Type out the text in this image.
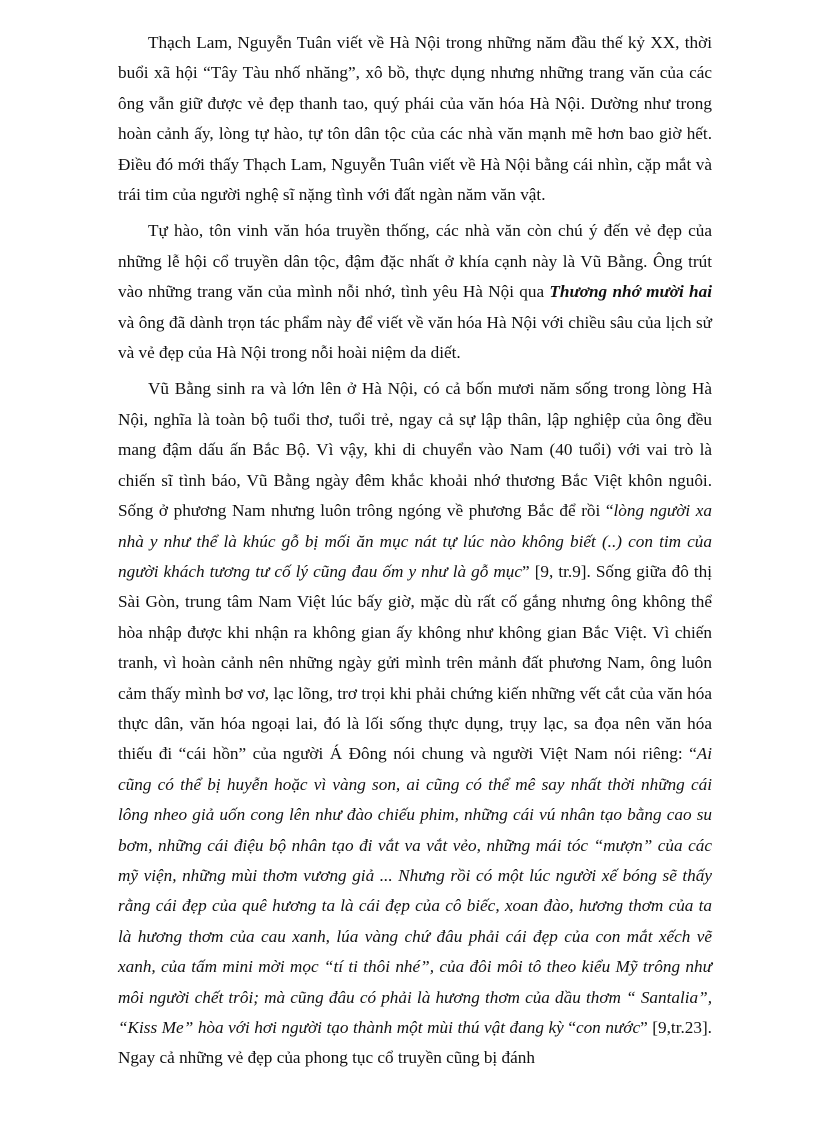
Thạch Lam, Nguyễn Tuân viết về Hà Nội trong những năm đầu thế kỷ XX, thời buổi xã hội “Tây Tàu nhố nhăng”, xô bồ, thực dụng nhưng những trang văn của các ông vẫn giữ được vẻ đẹp thanh tao, quý phái của văn hóa Hà Nội. Dường như trong hoàn cảnh ấy, lòng tự hào, tự tôn dân tộc của các nhà văn mạnh mẽ hơn bao giờ hết. Điều đó mới thấy Thạch Lam, Nguyễn Tuân viết về Hà Nội bằng cái nhìn, cặp mắt và trái tim của người nghệ sĩ nặng tình với đất ngàn năm văn vật.

Tự hào, tôn vinh văn hóa truyền thống, các nhà văn còn chú ý đến vẻ đẹp của những lễ hội cổ truyền dân tộc, đậm đặc nhất ở khía cạnh này là Vũ Bằng. Ông trút vào những trang văn của mình nỗi nhớ, tình yêu Hà Nội qua Thương nhớ mười hai và ông đã dành trọn tác phẩm này để viết về văn hóa Hà Nội với chiều sâu của lịch sử và vẻ đẹp của Hà Nội trong nỗi hoài niệm da diết.

Vũ Bằng sinh ra và lớn lên ở Hà Nội, có cả bốn mươi năm sống trong lòng Hà Nội, nghĩa là toàn bộ tuổi thơ, tuổi trẻ, ngay cả sự lập thân, lập nghiệp của ông đều mang đậm dấu ấn Bắc Bộ. Vì vậy, khi di chuyển vào Nam (40 tuổi) với vai trò là chiến sĩ tình báo, Vũ Bằng ngày đêm khắc khoải nhớ thương Bắc Việt khôn nguôi. Sống ở phương Nam nhưng luôn trông ngóng về phương Bắc để rồi “lòng người xa nhà y như thể là khúc gỗ bị mối ăn mục nát tự lúc nào không biết (..) con tim của người khách tương tư cố lý cũng đau ốm y như là gỗ mục” [9, tr.9]. Sống giữa đô thị Sài Gòn, trung tâm Nam Việt lúc bấy giờ, mặc dù rất cố gắng nhưng ông không thể hòa nhập được khi nhận ra không gian ấy không như không gian Bắc Việt. Vì chiến tranh, vì hoàn cảnh nên những ngày gửi mình trên mảnh đất phương Nam, ông luôn cảm thấy mình bơ vơ, lạc lõng, trơ trọi khi phải chứng kiến những vết cắt của văn hóa thực dân, văn hóa ngoại lai, đó là lối sống thực dụng, trụy lạc, sa đọa nên văn hóa thiếu đi “cái hồn” của người Á Đông nói chung và người Việt Nam nói riêng: “Ai cũng có thể bị huyễn hoặc vì vàng son, ai cũng có thể mê say nhất thời những cái lông nheo giả uốn cong lên như đào chiếu phim, những cái vú nhân tạo bằng cao su bơm, những cái điệu bộ nhân tạo đi vắt va vắt vẻo, những mái tóc “mượn” của các mỹ viện, những mùi thơm vương giả ... Nhưng rồi có một lúc người xế bóng sẽ thấy rằng cái đẹp của quê hương ta là cái đẹp của cô biếc, xoan đào, hương thơm của ta là hương thơm của cau xanh, lúa vàng chứ đâu phải cái đẹp của con mắt xếch vẽ xanh, của tấm mini mời mọc “tí ti thôi nhé”, của đôi môi tô theo kiểu Mỹ trông như môi người chết trôi; mà cũng đâu có phải là hương thơm của dầu thơm “ Santalia”, “Kiss Me” hòa với hơi người tạo thành một mùi thú vật đang kỳ “con nước” [9,tr.23]. Ngay cả những vẻ đẹp của phong tục cổ truyền cũng bị đánh
